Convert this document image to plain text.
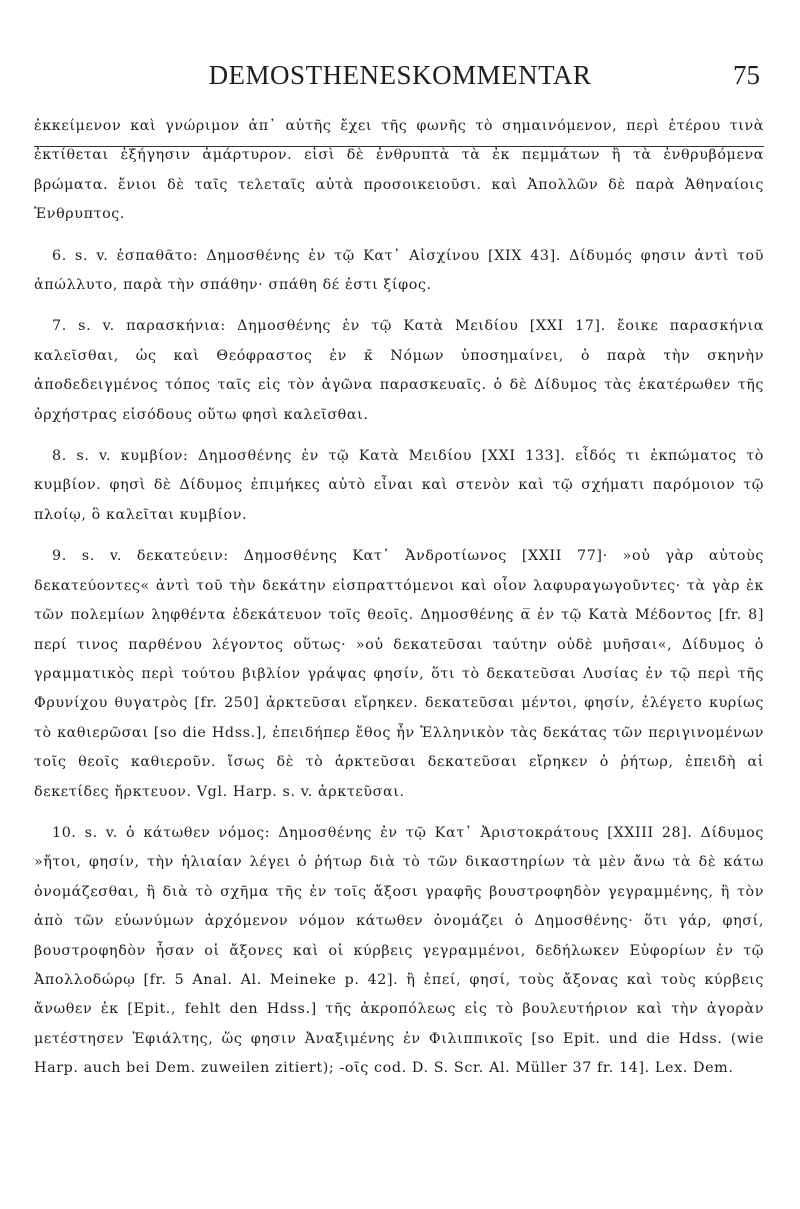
DEMOSTHENESKOMMENTAR	75

ἐκκείμενον καὶ γνώριμον ἀπ᾿ αὐτῆς ἔχει τῆς φωνῆς τὸ σημαινόμενον, περὶ ἑτέρου τινὰ ἐκτίθεται ἐξήγησιν ἁμάρτυρον. εἰσὶ δὲ ἐνθρυπτὰ τὰ ἐκ πεμμάτων ἢ τὰ ἐνθρυβόμενα βρώματα. ἔνιοι δὲ ταῖς τελεταῖς αὐτὰ προσοικειοῦσι. καὶ Ἀπολλῶν δὲ παρὰ Ἀθηναίοις Ἐνθρυπτος.

6. s. v. ἐσπαθᾶτο: Δημοσθένης ἐν τῷ Κατ᾿ Αἰσχίνου [XIX 43]. Δίδυμός φησιν ἀντὶ τοῦ ἀπώλλυτο, παρὰ τὴν σπάθην· σπάθη δέ ἐστι ξίφος.

7. s. v. παρασκήνια: Δημοσθένης ἐν τῷ Κατὰ Μειδίου [XXI 17]. ἔοικε παρασκήνια καλεῖσθαι, ὡς καὶ Θεόφραστος ἐν κ̄ Νόμων ὑποσημαίνει, ὁ παρὰ τὴν σκηνὴν ἀποδεδειγμένος τόπος ταῖς εἰς τὸν ἀγῶνα παρασκευαῖς. ὁ δὲ Δίδυμος τὰς ἑκατέρωθεν τῆς ὀρχήστρας εἰσόδους οὕτω φησὶ καλεῖσθαι.

8. s. v. κυμβίον: Δημοσθένης ἐν τῷ Κατὰ Μειδίου [XXI 133]. εἶδός τι ἐκπώματος τὸ κυμβίον. φησὶ δὲ Δίδυμος ἐπιμήκες αὐτὸ εἶναι καὶ στενὸν καὶ τῷ σχήματι παρόμοιον τῷ πλοίῳ, ὃ καλεῖται κυμβίον.

9. s. v. δεκατεύειν: Δημοσθένης Κατ᾿ Ἀνδροτίωνος [XXII 77]· »οὐ γὰρ αὐτοὺς δεκατεύοντες« ἀντὶ τοῦ τὴν δεκάτην εἰσπραττόμενοι καὶ οἷον λαφυραγωγοῦντες· τὰ γὰρ ἐκ τῶν πολεμίων ληφθέντα ἐδεκάτευον τοῖς θεοῖς. Δημοσθένης α̅ ἐν τῷ Κατὰ Μέδοντος [fr. 8] περί τινος παρθένου λέγοντος οὕτως· »οὐ δεκατεῦσαι ταύτην οὐδὲ μυῆσαι«, Δίδυμος ὁ γραμματικὸς περὶ τούτου βιβλίον γράψας φησίν, ὅτι τὸ δεκατεῦσαι Λυσίας ἐν τῷ περὶ τῆς Φρυνίχου θυγατρὸς [fr. 250] ἀρκτεῦσαι εἴρηκεν. δεκατεῦσαι μέντοι, φησίν, ἐλέγετο κυρίως τὸ καθιερῶσαι [so die Hdss.], ἐπειδήπερ ἔθος ἦν Ἑλληνικὸν τὰς δεκάτας τῶν περιγινομένων τοῖς θεοῖς καθιεροῦν. ἴσως δὲ τὸ ἀρκτεῦσαι δεκατεῦσαι εἴρηκεν ὁ ῥήτωρ, ἐπειδὴ αἱ δεκετίδες ἤρκτευον. Vgl. Harp. s. v. ἀρκτεῦσαι.

10. s. v. ὁ κάτωθεν νόμος: Δημοσθένης ἐν τῷ Κατ᾿ Ἀριστοκράτους [XXIII 28]. Δίδυμος »ἤτοι, φησίν, τὴν ἡλιαίαν λέγει ὁ ῥήτωρ διὰ τὸ τῶν δικαστηρίων τὰ μὲν ἄνω τὰ δὲ κάτω ὀνομάζεσθαι, ἢ διὰ τὸ σχῆμα τῆς ἐν τοῖς ἄξοσι γραφῆς βουστροφηδὸν γεγραμμένης, ἢ τὸν ἀπὸ τῶν εὐωνύμων ἀρχόμενον νόμον κάτωθεν ὀνομάζει ὁ Δημοσθένης· ὅτι γάρ, φησί, βουστροφηδὸν ἦσαν οἱ ἄξονες καὶ οἱ κύρβεις γεγραμμένοι, δεδήλωκεν Εὐφορίων ἐν τῷ Ἀπολλοδώρῳ [fr. 5 Anal. Al. Meineke p. 42]. ἢ ἐπεί, φησί, τοὺς ἄξονας καὶ τοὺς κύρβεις ἄνωθεν ἐκ [Epit., fehlt den Hdss.] τῆς ἀκροπόλεως εἰς τὸ βουλευτήριον καὶ τὴν ἀγορὰν μετέστησεν Ἐφιάλτης, ὥς φησιν Ἀναξιμένης ἐν Φιλιππικοῖς [so Epit. und die Hdss. (wie Harp. auch bei Dem. zuweilen zitiert); -οῖς cod. D. S. Scr. Al. Müller 37 fr. 14]. Lex. Dem.
